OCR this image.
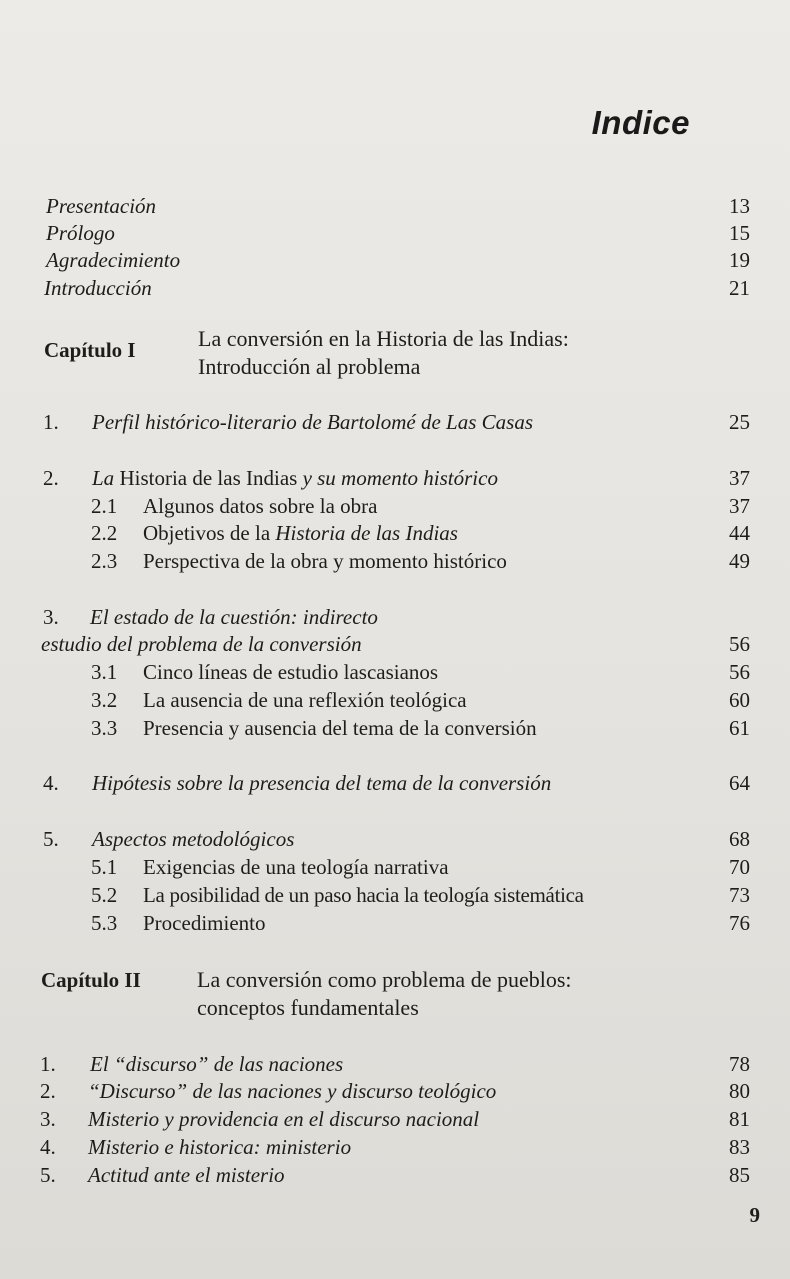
Indice
Presentación	13
Prólogo	15
Agradecimiento	19
Introducción	21
Capítulo I	La conversión en la Historia de las Indias:
Introducción al problema
1. Perfil histórico-literario de Bartolomé de Las Casas	25
2. La Historia de las Indias y su momento histórico	37
2.1 Algunos datos sobre la obra	37
2.2 Objetivos de la Historia de las Indias	44
2.3 Perspectiva de la obra y momento histórico	49
3. El estado de la cuestión: indirecto
estudio del problema de la conversión	56
3.1 Cinco líneas de estudio lascasianos	56
3.2 La ausencia de una reflexión teológica	60
3.3 Presencia y ausencia del tema de la conversión	61
4. Hipótesis sobre la presencia del tema de la conversión	64
5. Aspectos metodológicos	68
5.1 Exigencias de una teología narrativa	70
5.2 La posibilidad de un paso hacia la teología sistemática	73
5.3 Procedimiento	76
Capítulo II	La conversión como problema de pueblos:
conceptos fundamentales
1. El “discurso” de las naciones	78
2. “Discurso” de las naciones y discurso teológico	80
3. Misterio y providencia en el discurso nacional	81
4. Misterio e historica: ministerio	83
5. Actitud ante el misterio	85
9
